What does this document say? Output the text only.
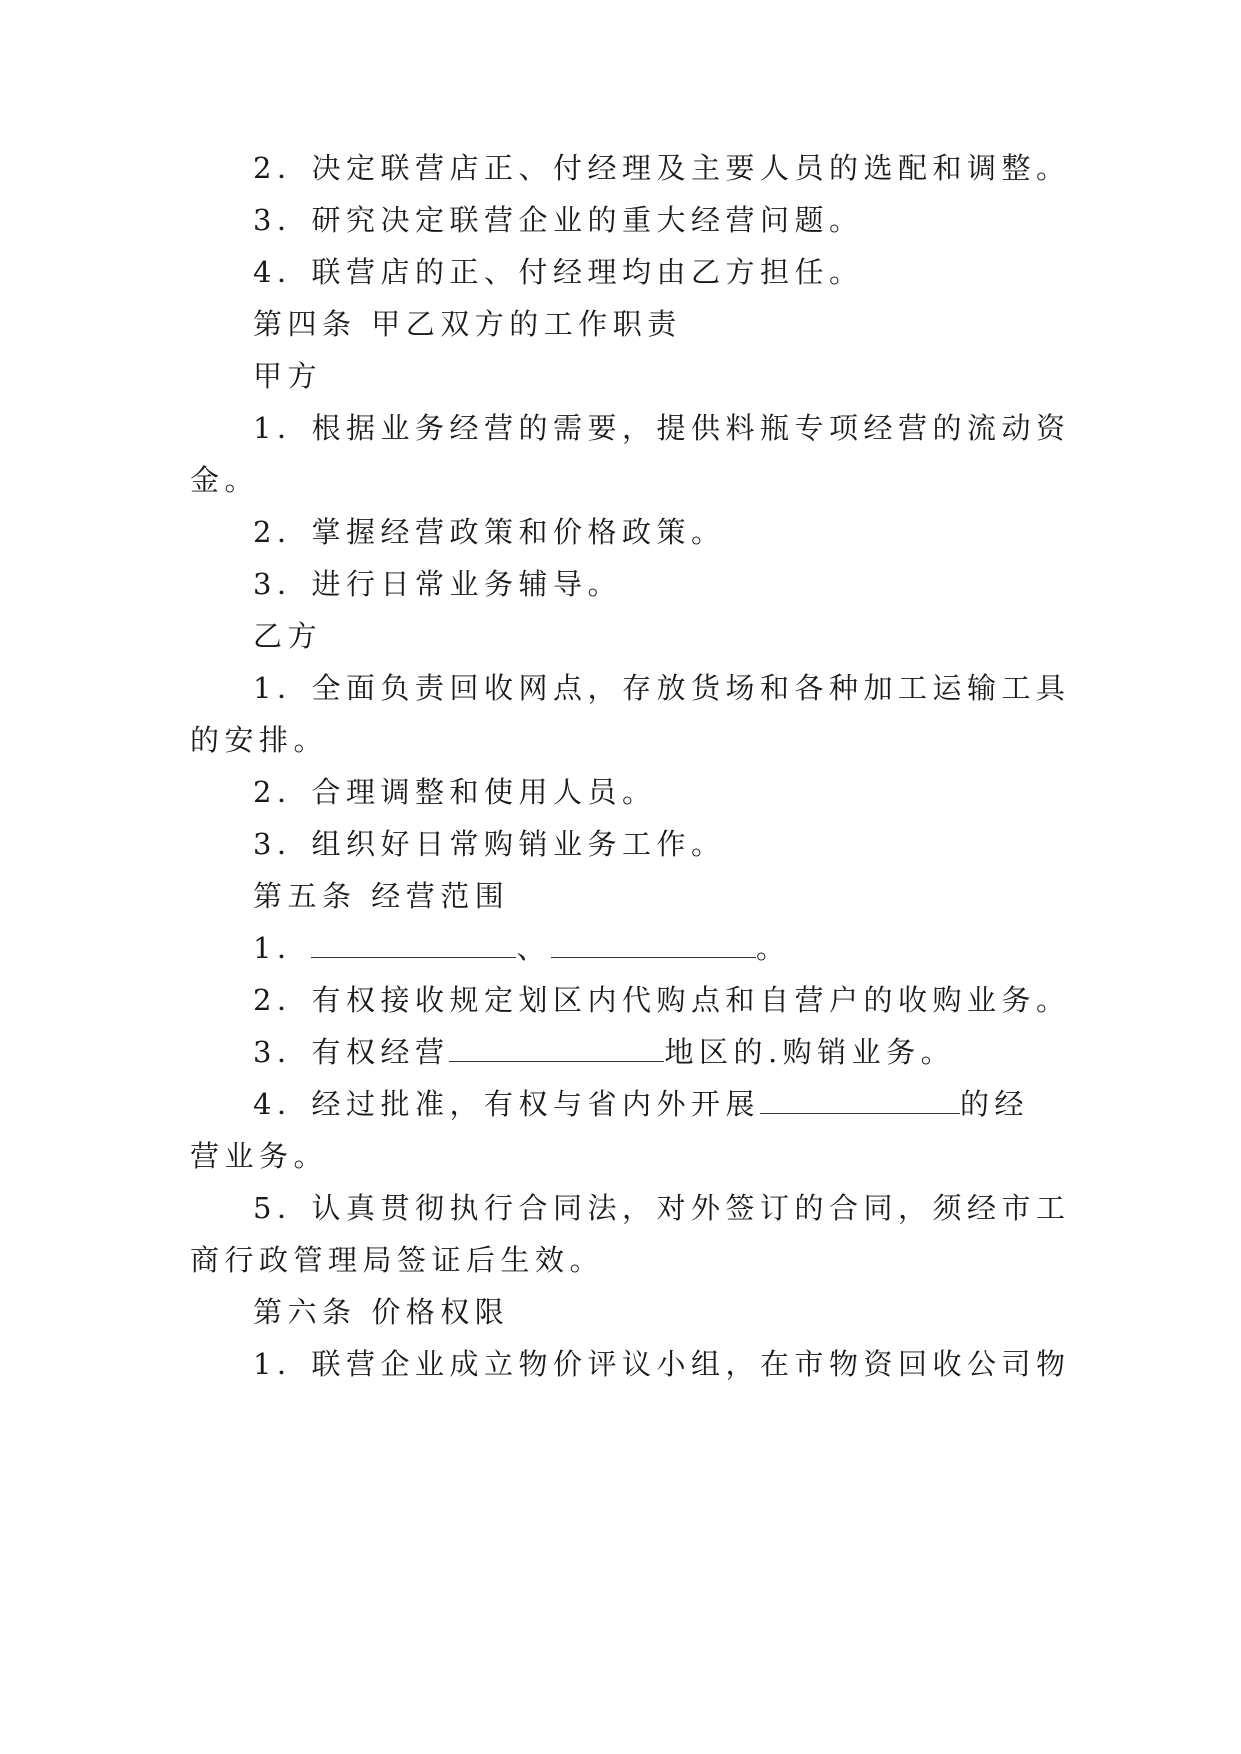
2．决定联营店正、付经理及主要人员的选配和调整。
3．研究决定联营企业的重大经营问题。
4．联营店的正、付经理均由乙方担任。
第四条 甲乙双方的工作职责
甲方
1．根据业务经营的需要，提供料瓶专项经营的流动资
金。
2．掌握经营政策和价格政策。
3．进行日常业务辅导。
乙方
1．全面负责回收网点，存放货场和各种加工运输工具
的安排。
2．合理调整和使用人员。
3．组织好日常购销业务工作。
第五条 经营范围
1．	、	。
2．有权接收规定划区内代购点和自营户的收购业务。
3．有权经营	地区的.购销业务。
4．经过批准，有权与省内外开展	的经
营业务。
5．认真贯彻执行合同法，对外签订的合同，须经市工
商行政管理局签证后生效。
第六条 价格权限
1．联营企业成立物价评议小组，在市物资回收公司物
